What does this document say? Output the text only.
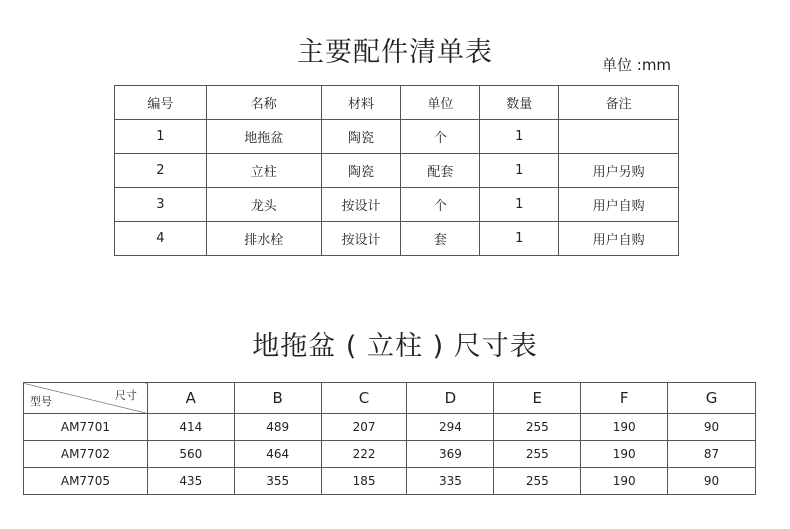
主要配件清单表	单位 :mm
编号	名称	材料	单位	数量	备注
1	地拖盆	陶瓷	个	1	
2	立柱	陶瓷	配套	1	用户另购
3	龙头	按设计	个	1	用户自购
4	排水栓	按设计	套	1	用户自购
地拖盆 ( 立柱 ) 尺寸表
尺寸
型号	A	B	C	D	E	F	G
AM7701	414	489	207	294	255	190	90
AM7702	560	464	222	369	255	190	87
AM7705	435	355	185	335	255	190	90
